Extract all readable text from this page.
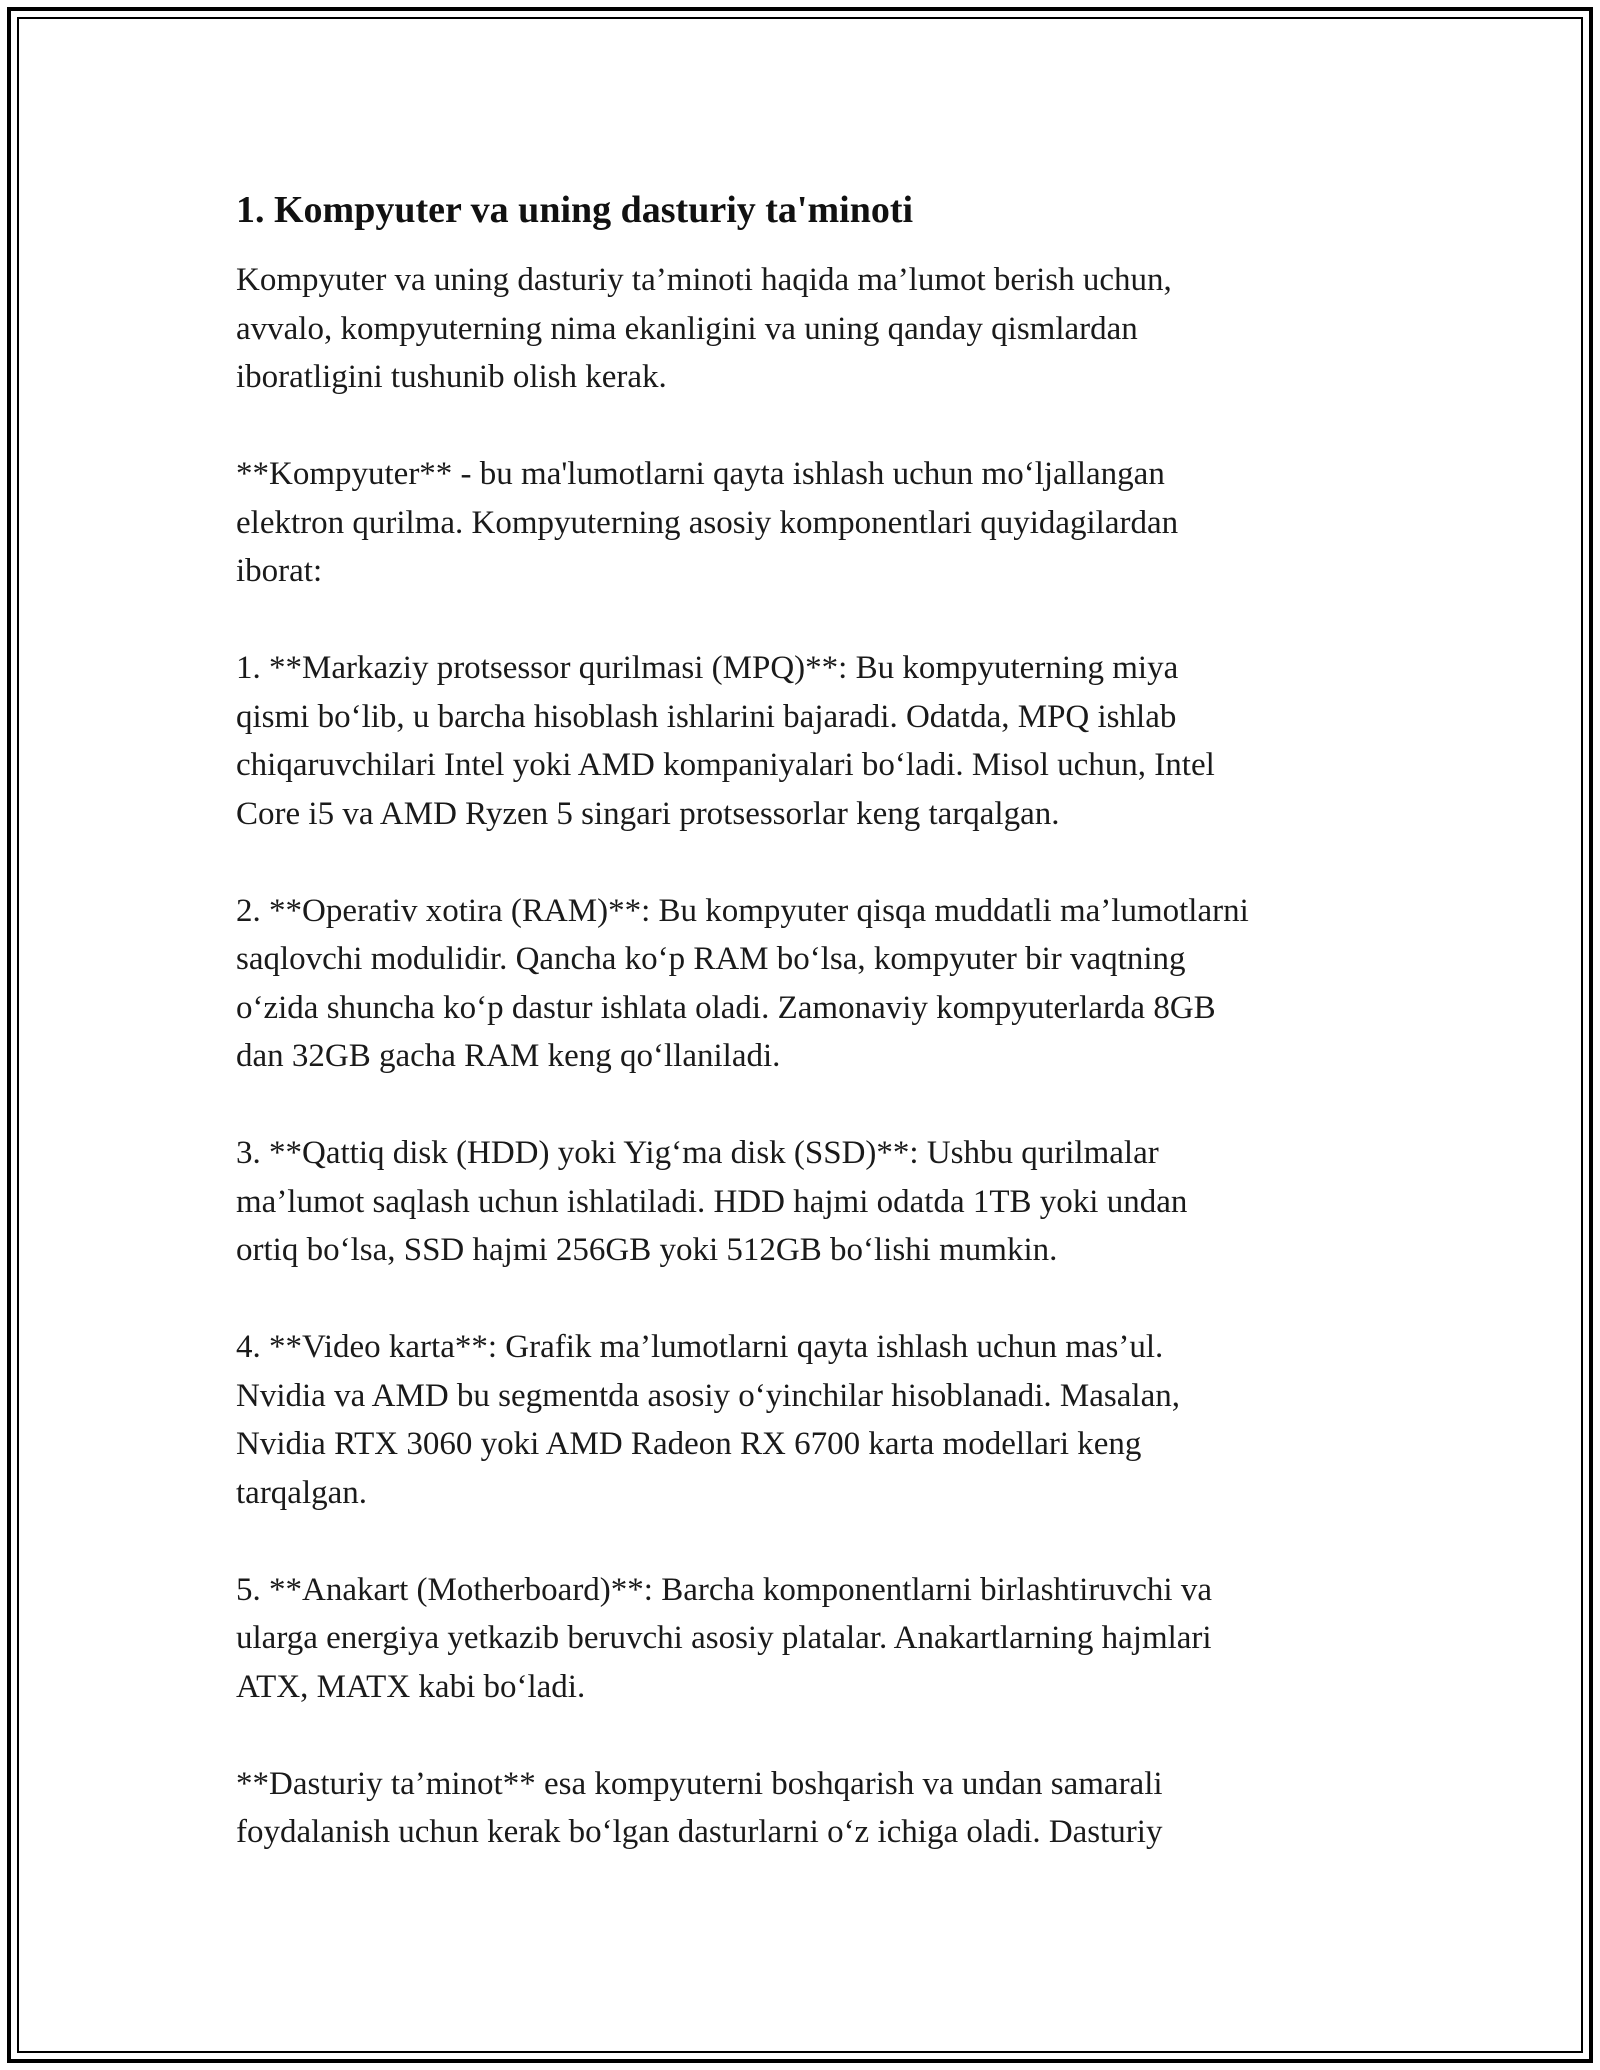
1. Kompyuter va uning dasturiy ta'minoti

Kompyuter va uning dasturiy ta’minoti haqida ma’lumot berish uchun,
avvalo, kompyuterning nima ekanligini va uning qanday qismlardan
iboratligini tushunib olish kerak.

**Kompyuter** - bu ma'lumotlarni qayta ishlash uchun mo‘ljallangan
elektron qurilma. Kompyuterning asosiy komponentlari quyidagilardan
iborat:

1. **Markaziy protsessor qurilmasi (MPQ)**: Bu kompyuterning miya
qismi bo‘lib, u barcha hisoblash ishlarini bajaradi. Odatda, MPQ ishlab
chiqaruvchilari Intel yoki AMD kompaniyalari bo‘ladi. Misol uchun, Intel
Core i5 va AMD Ryzen 5 singari protsessorlar keng tarqalgan.

2. **Operativ xotira (RAM)**: Bu kompyuter qisqa muddatli ma’lumotlarni
saqlovchi modulidir. Qancha ko‘p RAM bo‘lsa, kompyuter bir vaqtning
o‘zida shuncha ko‘p dastur ishlata oladi. Zamonaviy kompyuterlarda 8GB
dan 32GB gacha RAM keng qo‘llaniladi.

3. **Qattiq disk (HDD) yoki Yig‘ma disk (SSD)**: Ushbu qurilmalar
ma’lumot saqlash uchun ishlatiladi. HDD hajmi odatda 1TB yoki undan
ortiq bo‘lsa, SSD hajmi 256GB yoki 512GB bo‘lishi mumkin.

4. **Video karta**: Grafik ma’lumotlarni qayta ishlash uchun mas’ul.
Nvidia va AMD bu segmentda asosiy o‘yinchilar hisoblanadi. Masalan,
Nvidia RTX 3060 yoki AMD Radeon RX 6700 karta modellari keng
tarqalgan.

5. **Anakart (Motherboard)**: Barcha komponentlarni birlashtiruvchi va
ularga energiya yetkazib beruvchi asosiy platalar. Anakartlarning hajmlari
ATX, MATX kabi bo‘ladi.

**Dasturiy ta’minot** esa kompyuterni boshqarish va undan samarali
foydalanish uchun kerak bo‘lgan dasturlarni o‘z ichiga oladi. Dasturiy
